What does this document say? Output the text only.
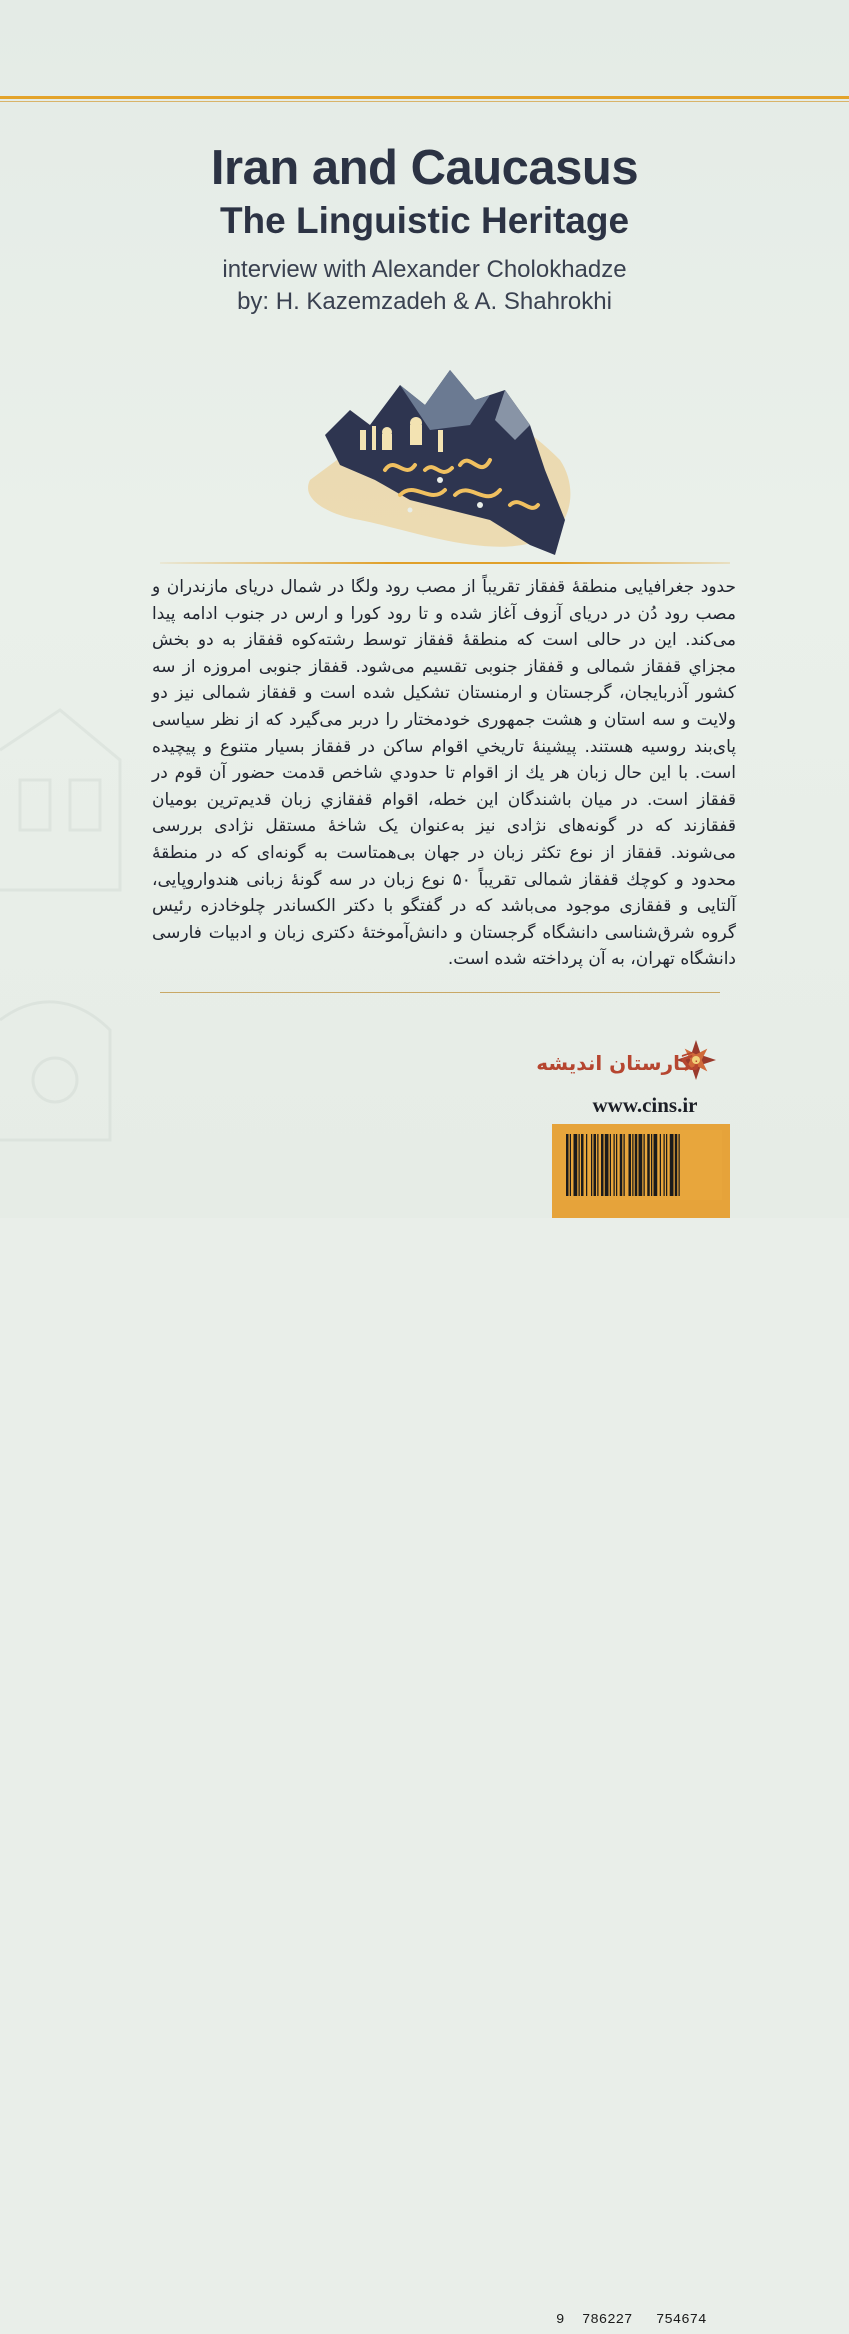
Iran and Caucasus
The Linguistic Heritage
interview with Alexander Cholokhadze
by: H. Kazemzadeh & A. Shahrokhi

حدود جغرافیایی منطقهٔ قفقاز تقریباً از مصب رود ولگا در شمال دریای مازندران و مصب رود دُن در دریای آزوف آغاز شده و تا رود کورا و ارس در جنوب ادامه پیدا می‌کند. این در حالی است که منطقهٔ قفقاز توسط رشته‌کوه قفقاز به دو بخش مجزاي قفقاز شمالی و قفقاز جنوبی تقسیم می‌شود. قفقاز جنوبی امروزه از سه کشور آذربایجان، گرجستان و ارمنستان تشکیل شده است و قفقاز شمالی نیز دو ولایت و سه استان و هشت جمهوری خودمختار را دربر می‌گیرد که از نظر سیاسی پای‌بند روسیه هستند. پیشینهٔ تاریخي اقوام ساکن در قفقاز بسیار متنوع و پیچیده است. با این حال زبان هر يك از اقوام تا حدودي شاخص قدمت حضور آن قوم در قفقاز است. در میان باشندگان این خطه، اقوام قفقازي زبان قدیم‌ترین بومیان قفقازند که در گونه‌های نژادی نیز به‌عنوان یک شاخهٔ مستقل نژادی بررسی می‌شوند. قفقاز از نوع تکثر زبان در جهان بی‌همتاست به گونه‌ای که در منطقهٔ محدود و کوچك قفقاز شمالی تقریباً ۵۰ نوع زبان در سه گونهٔ زبانی هندواروپایی، آلتایی و قفقازی موجود می‌باشد که در گفتگو با دکتر الکساندر چلوخادزه رئیس گروه شرق‌شناسی دانشگاه گرجستان و دانش‌آموختهٔ دکتری زبان و ادبیات فارسی دانشگاه تهران، به آن پرداخته شده است.

نگارستان اندیشه
www.cins.ir
9 786227 754674
